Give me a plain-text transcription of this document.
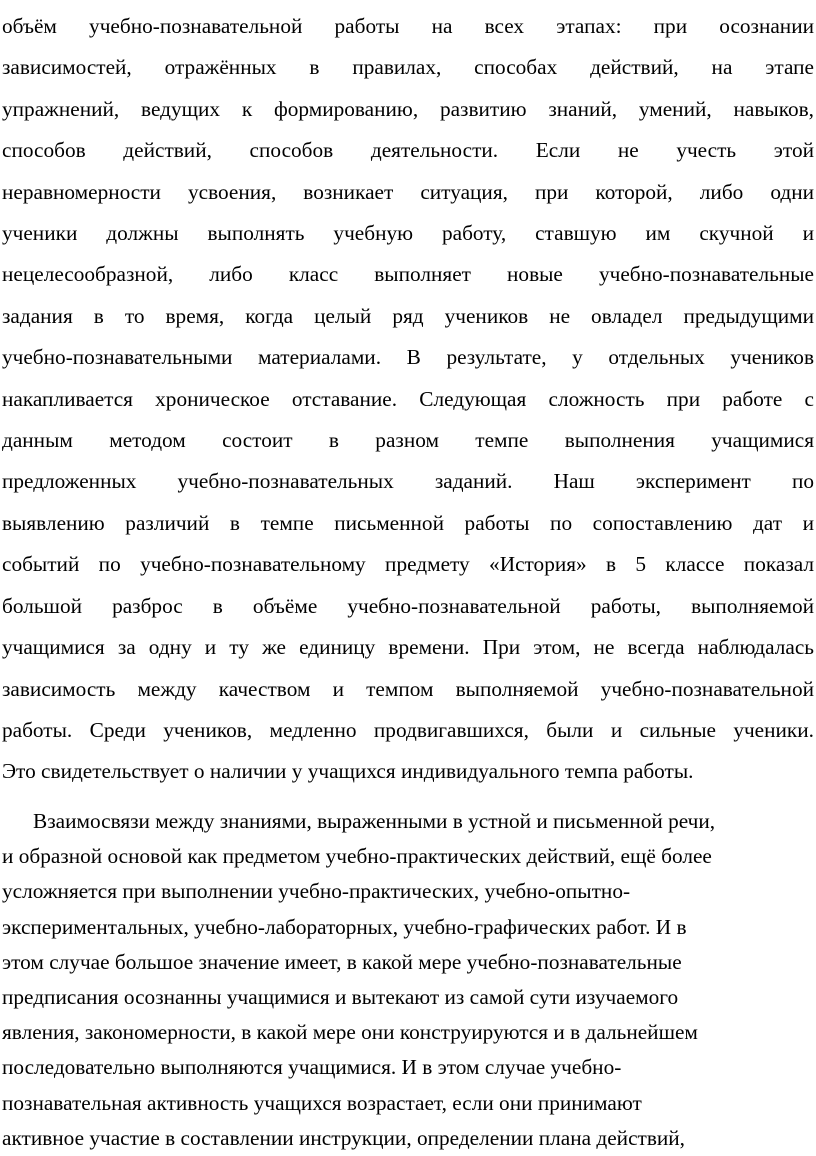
объём учебно-познавательной работы на всех этапах: при осознании
зависимостей, отражённых в правилах, способах действий, на этапе
упражнений, ведущих к формированию, развитию знаний, умений, навыков,
способов действий, способов деятельности. Если не учесть этой
неравномерности усвоения, возникает ситуация, при которой, либо одни
ученики должны выполнять учебную работу, ставшую им скучной и
нецелесообразной, либо класс выполняет новые учебно-познавательные
задания в то время, когда целый ряд учеников не овладел предыдущими
учебно-познавательными материалами. В результате, у отдельных учеников
накапливается хроническое отставание. Следующая сложность при работе с
данным методом состоит в разном темпе выполнения учащимися
предложенных учебно-познавательных заданий. Наш эксперимент по
выявлению различий в темпе письменной работы по сопоставлению дат и
событий по учебно-познавательному предмету «История» в 5 классе показал
большой разброс в объёме учебно-познавательной работы, выполняемой
учащимися за одну и ту же единицу времени. При этом, не всегда наблюдалась
зависимость между качеством и темпом выполняемой учебно-познавательной
работы. Среди учеников, медленно продвигавшихся, были и сильные ученики.
Это свидетельствует о наличии у учащихся индивидуального темпа работы.
Взаимосвязи между знаниями, выраженными в устной и письменной речи,
и образной основой как предметом учебно-практических действий, ещё более
усложняется при выполнении учебно-практических, учебно-опытно-
экспериментальных, учебно-лабораторных, учебно-графических работ. И в
этом случае большое значение имеет, в какой мере учебно-познавательные
предписания осознанны учащимися и вытекают из самой сути изучаемого
явления, закономерности, в какой мере они конструируются и в дальнейшем
последовательно выполняются учащимися. И в этом случае учебно-
познавательная активность учащихся возрастает, если они принимают
активное участие в составлении инструкции, определении плана действий,
